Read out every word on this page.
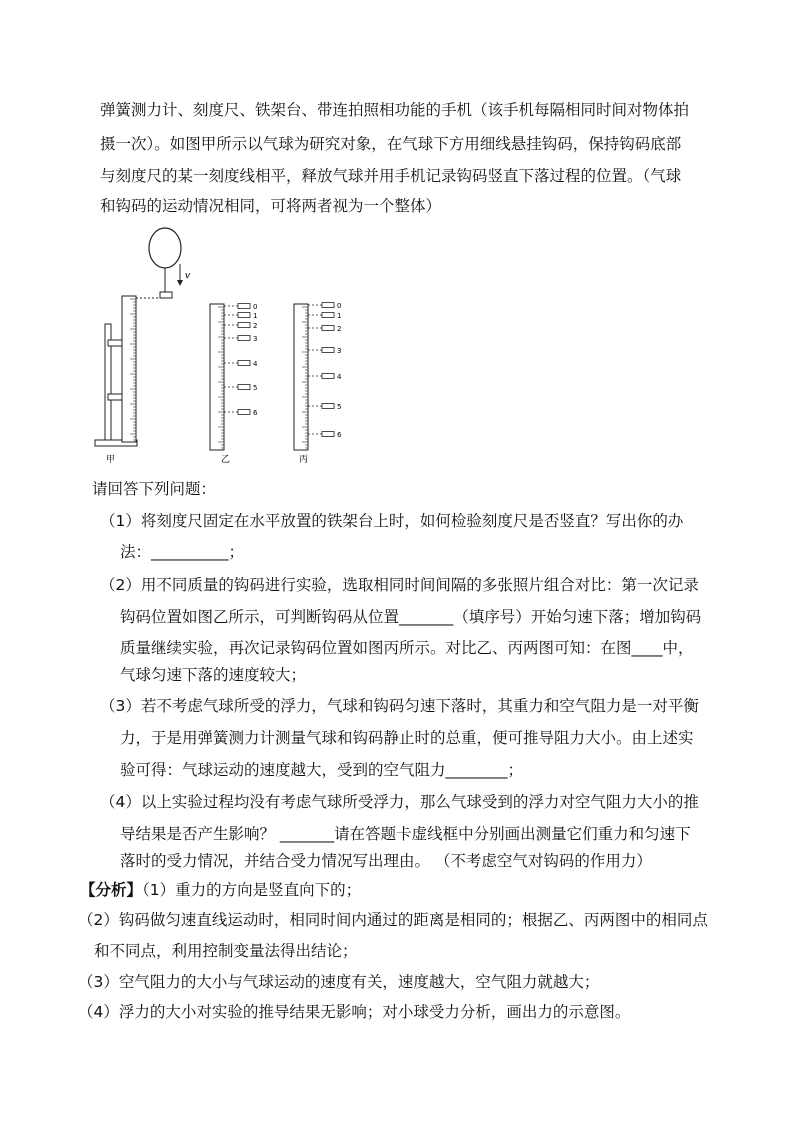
弹簧测力计、刻度尺、铁架台、带连拍照相功能的手机（该手机每隔相同时间对物体拍
摄一次）。如图甲所示以气球为研究对象，在气球下方用细线悬挂钩码，保持钩码底部
与刻度尺的某一刻度线相平，释放气球并用手机记录钩码竖直下落过程的位置。（气球
和钩码的运动情况相同，可将两者视为一个整体）
v
0
1
2
3
4
5
6
0
1
2
3
4
5
6
甲	乙	丙
请回答下列问题：
（1）将刻度尺固定在水平放置的铁架台上时，如何检验刻度尺是否竖直？写出你的办
法：__________；
（2）用不同质量的钩码进行实验，选取相同时间间隔的多张照片组合对比：第一次记录
钩码位置如图乙所示，可判断钩码从位置_______（填序号）开始匀速下落；增加钩码
质量继续实验，再次记录钩码位置如图丙所示。对比乙、丙两图可知：在图____中，
气球匀速下落的速度较大；
（3）若不考虑气球所受的浮力，气球和钩码匀速下落时，其重力和空气阻力是一对平衡
力，于是用弹簧测力计测量气球和钩码静止时的总重，便可推导阻力大小。由上述实
验可得：气球运动的速度越大，受到的空气阻力________；
（4）以上实验过程均没有考虑气球所受浮力，那么气球受到的浮力对空气阻力大小的推
导结果是否产生影响？ _______请在答题卡虚线框中分别画出测量它们重力和匀速下
落时的受力情况，并结合受力情况写出理由。 （不考虑空气对钩码的作用力）
【分析】（1）重力的方向是竖直向下的；
（2）钩码做匀速直线运动时，相同时间内通过的距离是相同的；根据乙、丙两图中的相同点
和不同点，利用控制变量法得出结论；
（3）空气阻力的大小与气球运动的速度有关，速度越大，空气阻力就越大；
（4）浮力的大小对实验的推导结果无影响；对小球受力分析，画出力的示意图。
